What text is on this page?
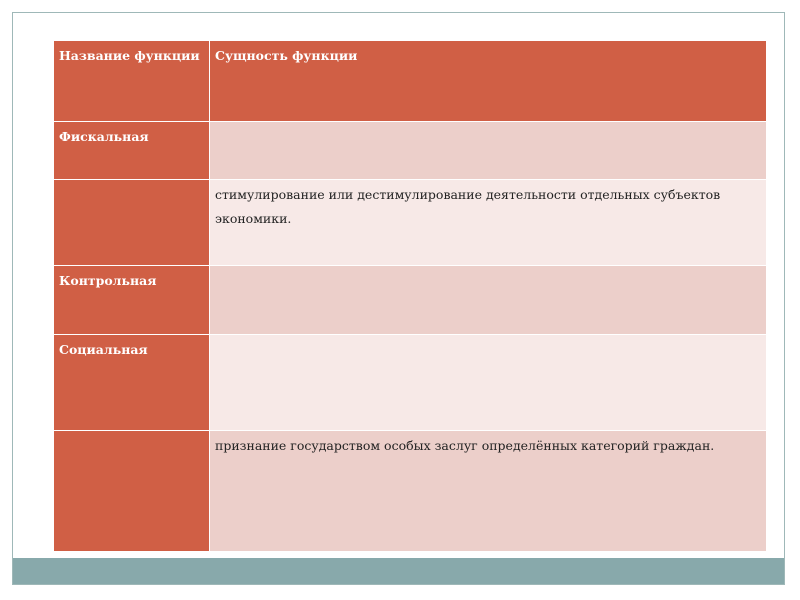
Название функции	Сущность функции
Фискальная	
	стимулирование или дестимулирование деятельности отдельных субъектов экономики.
Контрольная	
Социальная	
	признание государством особых заслуг определённых категорий граждан.
